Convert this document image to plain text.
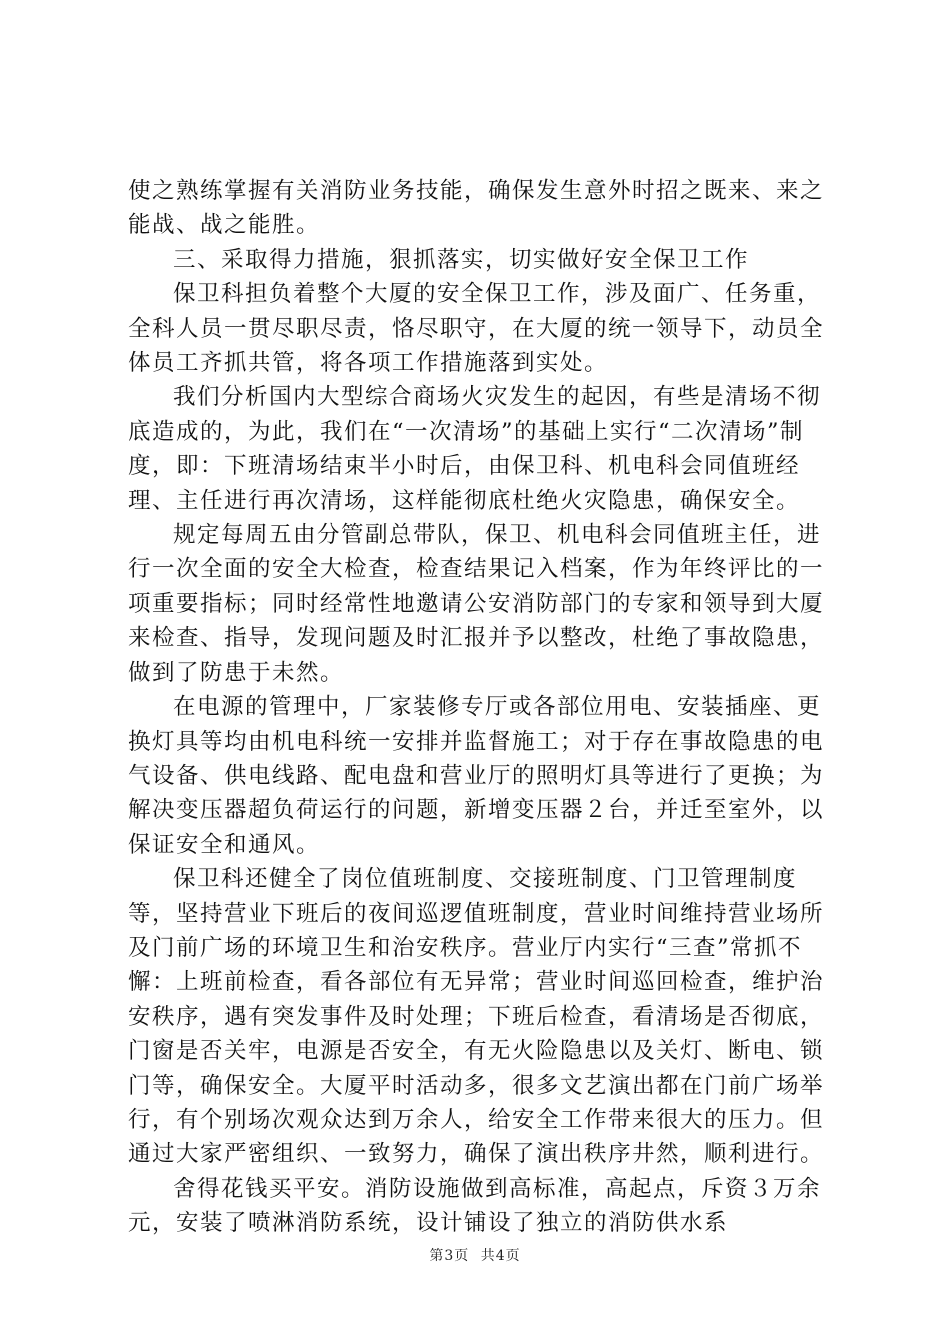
使之熟练掌握有关消防业务技能，确保发生意外时招之既来、来之能战、战之能胜。

三、采取得力措施，狠抓落实，切实做好安全保卫工作

保卫科担负着整个大厦的安全保卫工作，涉及面广、任务重，全科人员一贯尽职尽责，恪尽职守，在大厦的统一领导下，动员全体员工齐抓共管，将各项工作措施落到实处。

我们分析国内大型综合商场火灾发生的起因，有些是清场不彻底造成的，为此，我们在“一次清场”的基础上实行“二次清场”制度，即：下班清场结束半小时后，由保卫科、机电科会同值班经理、主任进行再次清场，这样能彻底杜绝火灾隐患，确保安全。

规定每周五由分管副总带队，保卫、机电科会同值班主任，进行一次全面的安全大检查，检查结果记入档案，作为年终评比的一项重要指标；同时经常性地邀请公安消防部门的专家和领导到大厦来检查、指导，发现问题及时汇报并予以整改，杜绝了事故隐患，做到了防患于未然。

在电源的管理中，厂家装修专厅或各部位用电、安装插座、更换灯具等均由机电科统一安排并监督施工；对于存在事故隐患的电气设备、供电线路、配电盘和营业厅的照明灯具等进行了更换；为解决变压器超负荷运行的问题，新增变压器２台，并迁至室外，以保证安全和通风。

保卫科还健全了岗位值班制度、交接班制度、门卫管理制度等，坚持营业下班后的夜间巡逻值班制度，营业时间维持营业场所及门前广场的环境卫生和治安秩序。营业厅内实行“三查”常抓不懈：上班前检查，看各部位有无异常；营业时间巡回检查，维护治安秩序，遇有突发事件及时处理；下班后检查，看清场是否彻底，门窗是否关牢，电源是否安全，有无火险隐患以及关灯、断电、锁门等，确保安全。大厦平时活动多，很多文艺演出都在门前广场举行，有个别场次观众达到万余人，给安全工作带来很大的压力。但通过大家严密组织、一致努力，确保了演出秩序井然，顺利进行。

舍得花钱买平安。消防设施做到高标准，高起点，斥资３万余元，安装了喷淋消防系统，设计铺设了独立的消防供水系

第3页 共4页
